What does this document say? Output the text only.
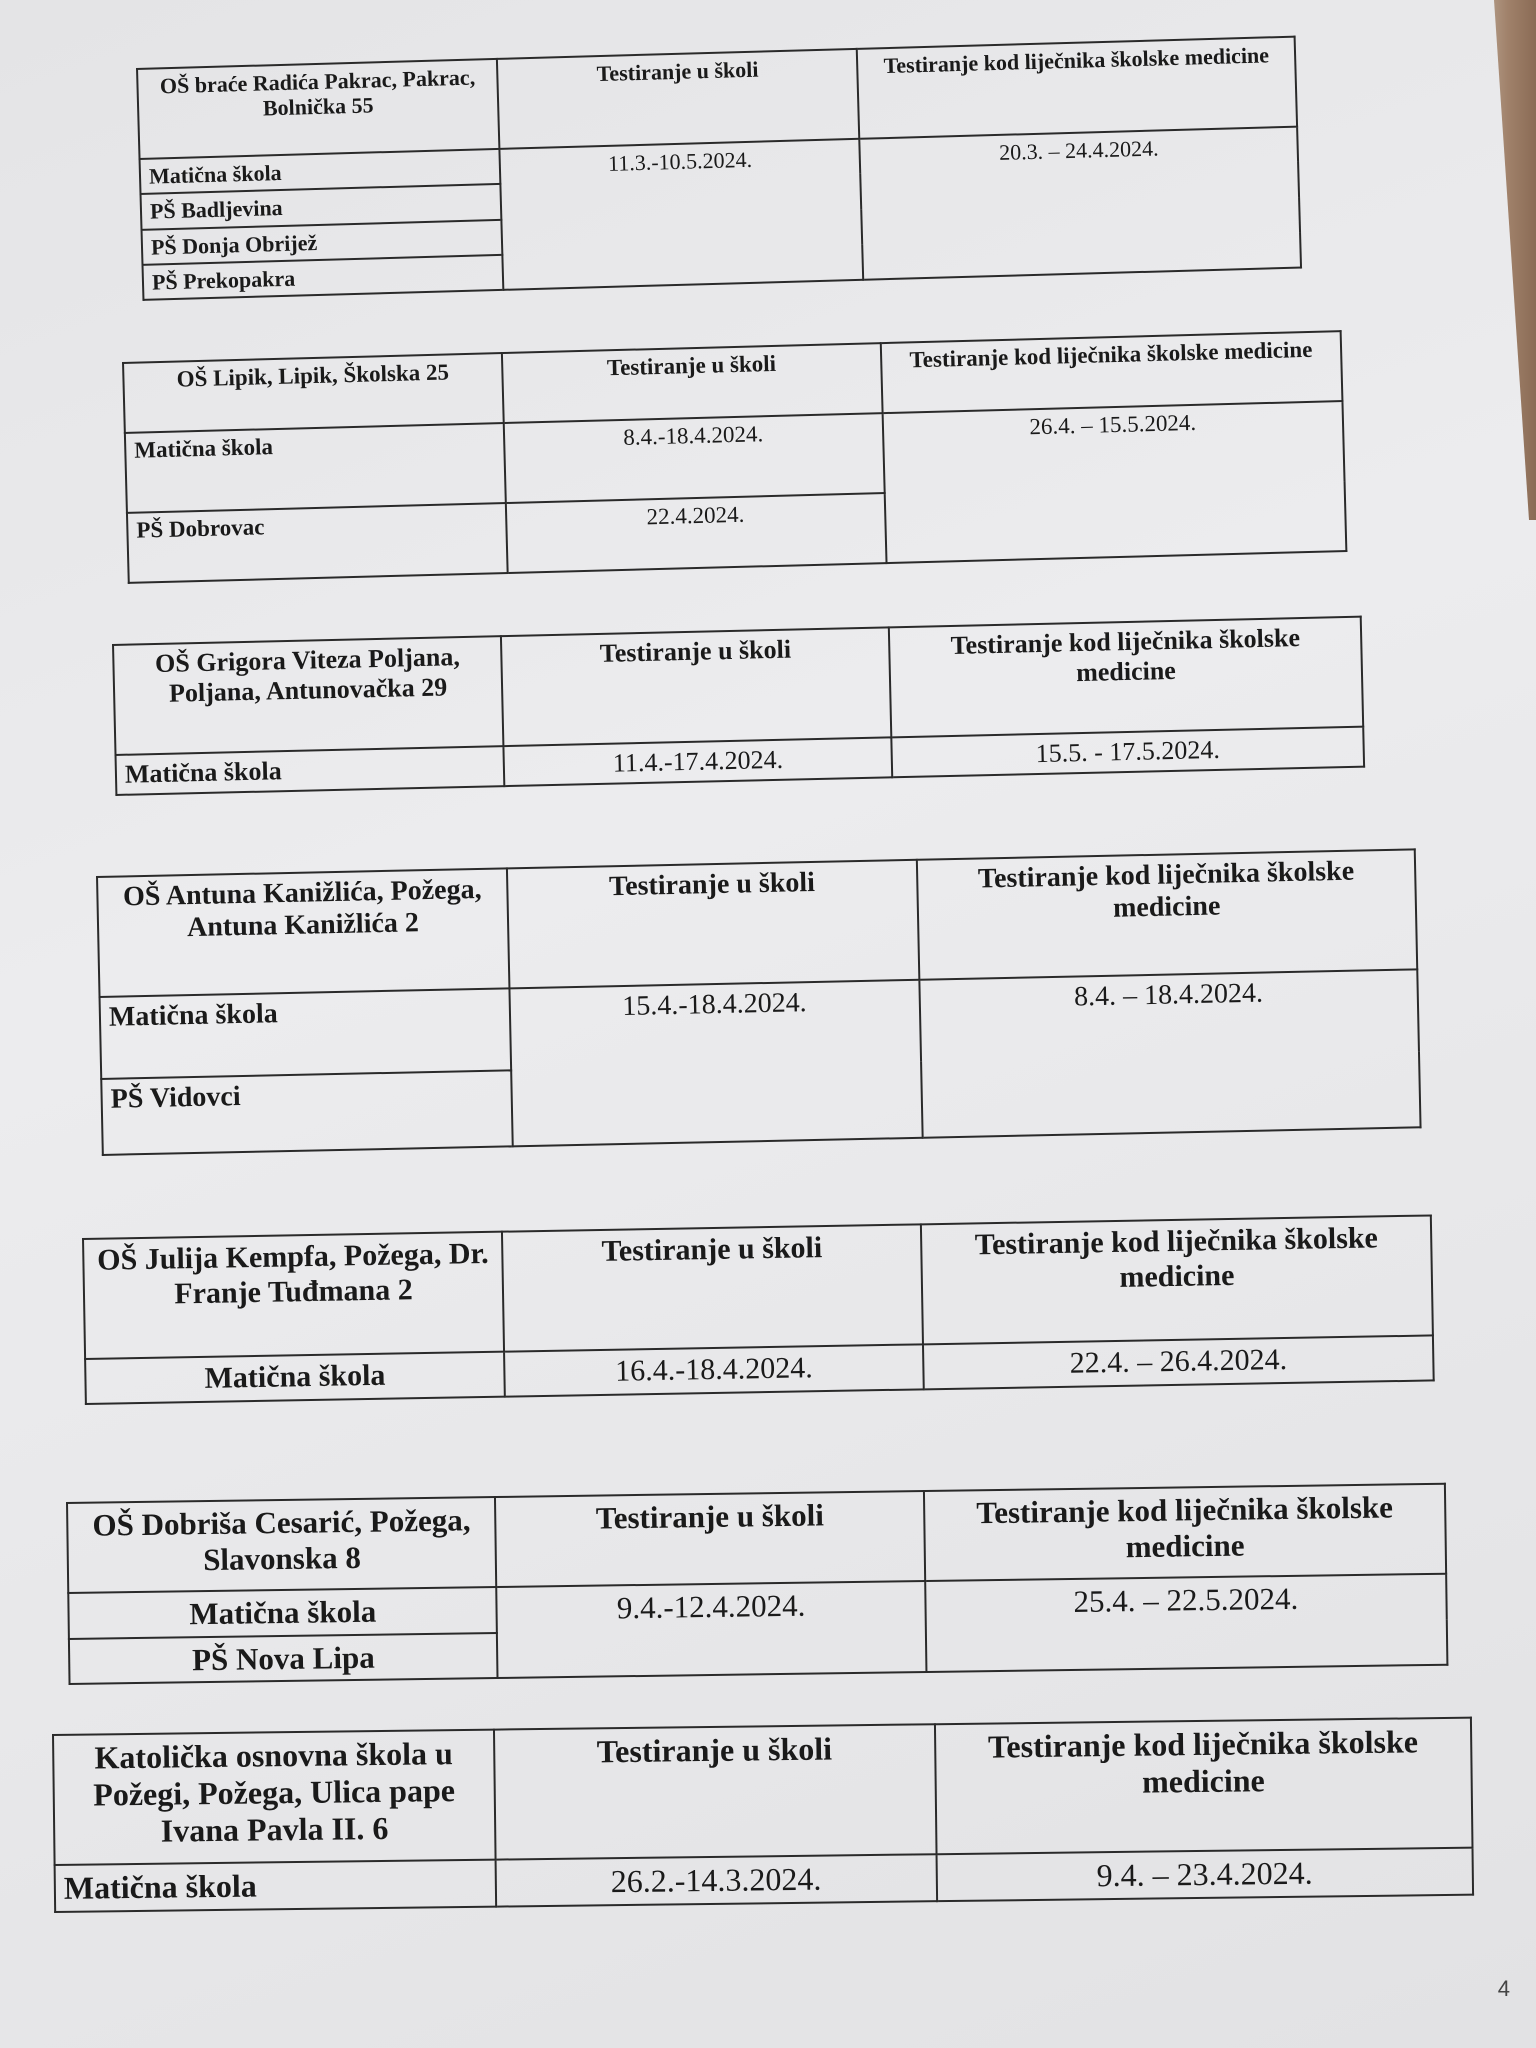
OŠ braće Radića Pakrac, Pakrac, Bolnička 55	Testiranje u školi	Testiranje kod liječnika školske medicine
Matična škola	11.3.-10.5.2024.	20.3. – 24.4.2024.
PŠ Badljevina		
PŠ Donja Obrijež		
PŠ Prekopakra		
OŠ Lipik, Lipik, Školska 25	Testiranje u školi	Testiranje kod liječnika školske medicine
Matična škola	8.4.-18.4.2024.	26.4. – 15.5.2024.
PŠ Dobrovac	22.4.2024.	
OŠ Grigora Viteza Poljana, Poljana, Antunovačka 29	Testiranje u školi	Testiranje kod liječnika školske medicine
Matična škola	11.4.-17.4.2024.	15.5. - 17.5.2024.
OŠ Antuna Kanižlića, Požega, Antuna Kanižlića 2	Testiranje u školi	Testiranje kod liječnika školske medicine
Matična škola	15.4.-18.4.2024.	8.4. – 18.4.2024.
PŠ Vidovci		
OŠ Julija Kempfa, Požega, Dr. Franje Tuđmana 2	Testiranje u školi	Testiranje kod liječnika školske medicine
Matična škola	16.4.-18.4.2024.	22.4. – 26.4.2024.
OŠ Dobriša Cesarić, Požega, Slavonska 8	Testiranje u školi	Testiranje kod liječnika školske medicine
Matična škola	9.4.-12.4.2024.	25.4. – 22.5.2024.
PŠ Nova Lipa		
Katolička osnovna škola u Požegi, Požega, Ulica pape Ivana Pavla II. 6	Testiranje u školi	Testiranje kod liječnika školske medicine
Matična škola	26.2.-14.3.2024.	9.4. – 23.4.2024.
4
